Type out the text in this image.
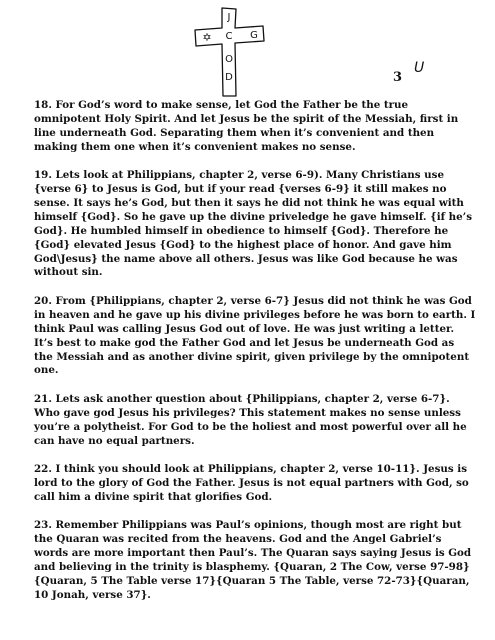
J
C
O
D
G
✡
U
3

18. For God’s word to make sense, let God the Father be the true omnipotent Holy Spirit. And let Jesus be the spirit of the Messiah, first in line underneath God. Separating them when it’s convenient and then making them one when it’s convenient makes no sense.

19. Lets look at Philippians, chapter 2, verse 6-9). Many Christians use {verse 6} to Jesus is God, but if your read {verses 6-9} it still makes no sense. It says he’s God, but then it says he did not think he was equal with himself {God}. So he gave up the divine priveledge he gave himself. {if he’s God}. He humbled himself in obedience to himself {God}. Therefore he {God} elevated Jesus {God} to the highest place of honor. And gave him God\Jesus} the name above all others. Jesus was like God because he was without sin.

20. From {Philippians, chapter 2, verse 6-7} Jesus did not think he was God in heaven and he gave up his divine privileges before he was born to earth. I think Paul was calling Jesus God out of love. He was just writing a letter. It’s best to make god the Father God and let Jesus be underneath God as the Messiah and as another divine spirit, given privilege by the omnipotent one.

21. Lets ask another question about {Philippians, chapter 2, verse 6-7}. Who gave god Jesus his privileges? This statement makes no sense unless you’re a polytheist. For God to be the holiest and most powerful over all he can have no equal partners.

22. I think you should look at Philippians, chapter 2, verse 10-11}. Jesus is lord to the glory of God the Father. Jesus is not equal partners with God, so call him a divine spirit that glorifies God.

23. Remember Philippians was Paul’s opinions, though most are right but the Quaran was recited from the heavens. God and the Angel Gabriel’s words are more important then Paul’s. The Quaran says saying Jesus is God and believing in the trinity is blasphemy. {Quaran, 2 The Cow, verse 97-98}{Quaran, 5 The Table verse 17}{Quaran 5 The Table, verse 72-73}{Quaran, 10 Jonah, verse 37}.
